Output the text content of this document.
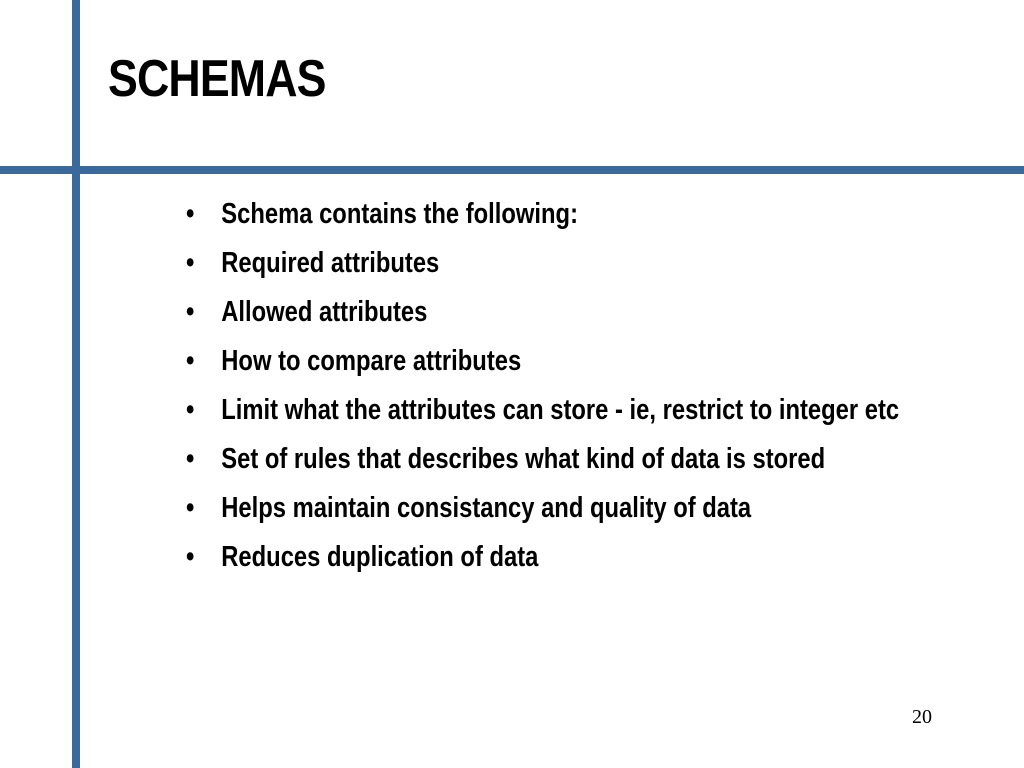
SCHEMAS
• Schema contains the following:
• Required attributes
• Allowed attributes
• How to compare attributes
• Limit what the attributes can store - ie, restrict to integer etc
• Set of rules that describes what kind of data is stored
• Helps maintain consistancy and quality of data
• Reduces duplication of data
20
